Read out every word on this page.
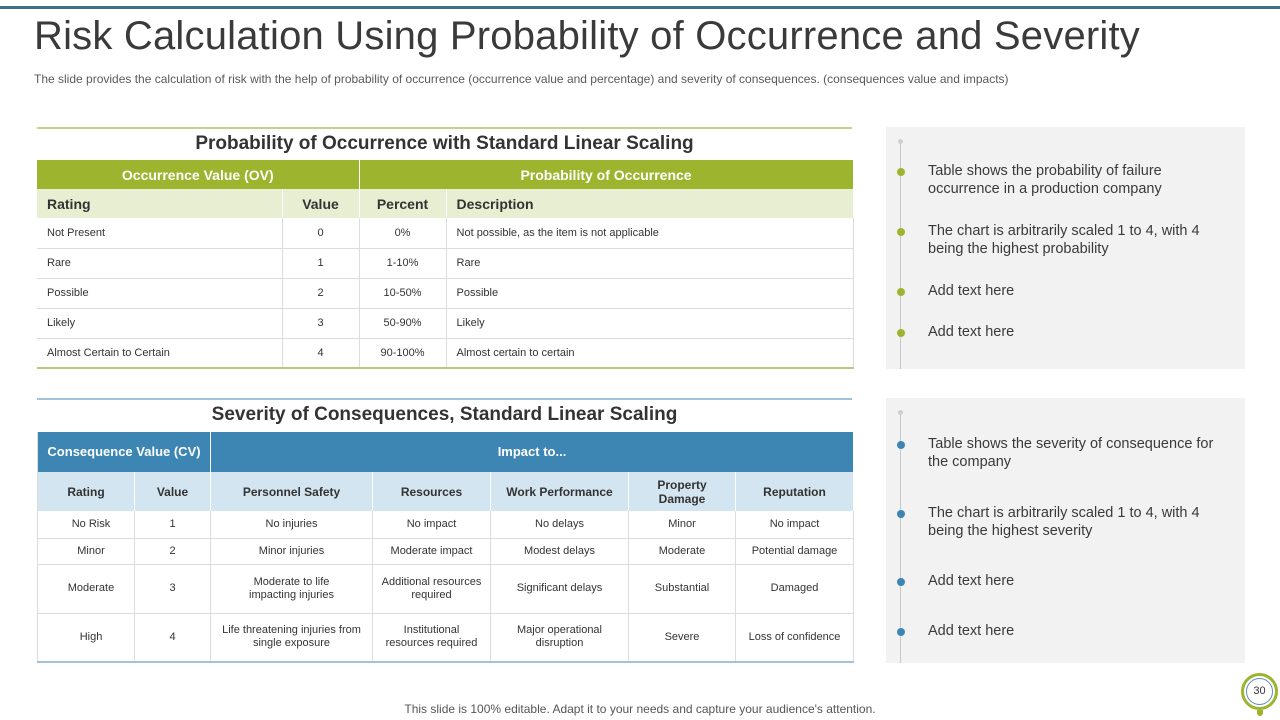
Risk Calculation Using Probability of Occurrence and Severity
The slide provides the calculation of risk with the help of probability of occurrence (occurrence value and percentage) and severity of consequences. (consequences value and impacts)
Probability of Occurrence with Standard Linear Scaling
Occurrence Value (OV)		Probability of Occurrence	
Rating	Value	Percent	Description
Not Present	0	0%	Not possible, as the item is not applicable
Rare	1	1-10%	Rare
Possible	2	10-50%	Possible
Likely	3	50-90%	Likely
Almost Certain to Certain	4	90-100%	Almost certain to certain
Severity of Consequences, Standard Linear Scaling
Consequence Value (CV)		Impact to...				
Rating	Value	Personnel Safety	Resources	Work Performance	Property Damage	Reputation
No Risk	1	No injuries	No impact	No delays	Minor	No impact
Minor	2	Minor injuries	Moderate impact	Modest delays	Moderate	Potential damage
Moderate	3	Moderate to life impacting injuries	Additional resources required	Significant delays	Substantial	Damaged
High	4	Life threatening injuries from single exposure	Institutional resources required	Major operational disruption	Severe	Loss of confidence
Table shows the probability of failure occurrence in a production company
The chart is arbitrarily scaled 1 to 4, with 4 being the highest probability
Add text here
Add text here
Table shows the severity of consequence for the company
The chart is arbitrarily scaled 1 to 4, with 4 being the highest severity
Add text here
Add text here
This slide is 100% editable. Adapt it to your needs and capture your audience's attention.
30
